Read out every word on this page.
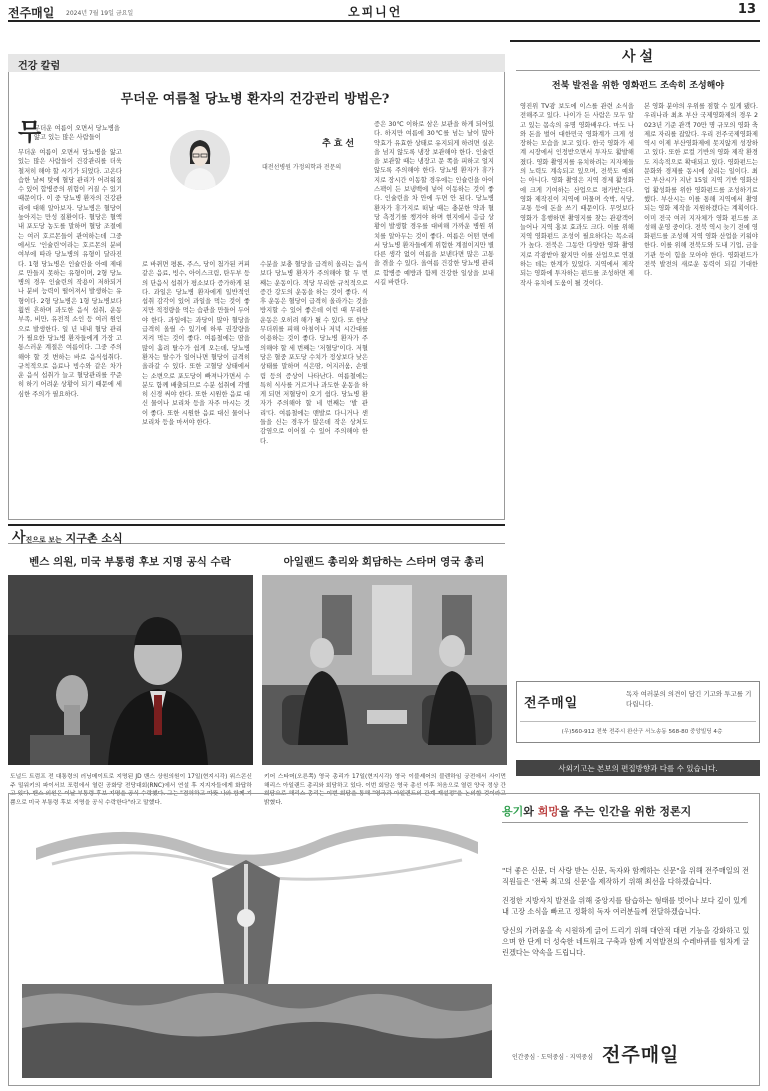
전주매일 2024년 7월 19일 금요일	오피니언	13
건강 칼럼
무더운 여름철 당뇨병 환자의 건강관리 방법은?
무	추효선
대전선병원 가정의학과 전문의
무더운 여름이 오면서 당뇨병을 앓고 있는 많은 사람들이
무더운 여름이 오면서 당뇨병을 앓고 있는 많은 사람들이 건강관리를 더욱 철저히 해야 할 시기가 되었다. 고온다습한 날씨 탓에 혈당 관리가 어려워질 수 있어 합병증의 위험이 커질 수 있기 때문이다. 이 중 당뇨병 환자의 건강관리에 대해 알아보자. 당뇨병은 혈당이 높아지는 만성 질환이다. 혈당은 혈액 내 포도당 농도를 말하며 혈당 조절에는 여러 호르몬들이 관여하는데 그중에서도 '인슐린'이라는 호르몬의 분비 여부에 따라 당뇨병의 유형이 달라진다. 1형 당뇨병은 인슐린을 아예 제대로 만들지 못하는 유형이며, 2형 당뇨병의 경우 인슐린의 작용이 저하되거나 분비 능력이 떨어져서 발생하는 유형이다. 2형 당뇨병은 1형 당뇨병보다 훨씬 흔하며 과도한 음식 섭취, 운동 부족, 비만, 유전적 소인 등 여러 원인으로 발생한다. 일 년 내내 혈당 관리가 필요한 당뇨병 환자들에게 가장 고통스러운 계절은 여름이다. 그중 주의해야 할 것 변하는 바로 음식섭취다. 규칙적으로 음료나 빙수와 같은 차가운 음식 섭취가 늘고 혈당관리를 꾸준히 하기 어려운 상황이 되기 때문에 세심한 주의가 필요하다.
로 바뀌면 평론, 주스, 당이 첨가된 커피 같은 음료, 빙수, 아이스크림, 탄두부 등의 단음식 섭취가 평소보다 증가하게 된다. 과일은 당뇨병 환자에게 일반적인 섭취 감각이 있어 과일을 먹는 것이 좋지만 적정량을 먹는 습관을 만들어 두어야 한다. 과일에는 과당이 많아 혈당을 급격히 올릴 수 있기에 하루 권장량을 지켜 먹는 것이 좋다. 여름철에는 땀을 많이 흘려 탈수가 쉽게 오는데, 당뇨병 환자는 탈수가 일어나면 혈당이 급격히 올라갈 수 있다. 또한 고혈당 상태에서는 소변으로 포도당이 빠져나가면서 수분도 함께 배출되므로 수분 섭취에 각별히 신경 써야 한다. 또한 시원한 음료 대신 물이나 보리차 등을 자주 마시는 것이 좋다. 또한 시원한 음료 대신 물이나 보리차 등을 마셔야 한다.
수분을 보충 혈당을 급격히 올리는 음식보다 당뇨병 환자가 주의해야 할 두 번째는 운동이다. 적당 무리한 규칙적으로 증간 강도의 운동을 하는 것이 좋다. 식후 운동은 혈당이 급격히 올라가는 것을 방지할 수 있어 좋은데 이런 때 무리한 운동은 오히려 해가 될 수 있다. 또 한낮 무더위를 피해 아침이나 저녁 시간대를 이용하는 것이 좋다. 당뇨병 환자가 주의해야 할 세 번째는 '저혈당'이다. 저혈당은 혈중 포도당 수치가 정상보다 낮은 상태를 말하며 식은땀, 어지러움, 손떨림 등의 증상이 나타난다. 여름철에는 특히 식사를 거르거나 과도한 운동을 하게 되면 저혈당이 오기 쉽다. 당뇨병 환자가 주의해야 할 네 번째는 '발 관리'다. 여름철에는 맨발로 다니거나 샌들을 신는 경우가 많은데 작은 상처도 감염으로 이어질 수 있어 주의해야 한다.
증은 30℃ 이하로 삼은 보관을 하게 되어있다. 하지만 여름에 30℃를 넘는 날이 많아 약효가 유효한 상태로 유지되게 하려면 실온을 넘지 않도록 냉장 보관해야 한다. 인슐린을 보관할 때는 냉장고 문 쪽을 피하고 얼지 않도록 주의해야 한다. 당뇨병 환자가 휴가지로 장시간 이동할 경우에는 인슐린을 아이스팩이 든 보냉백에 넣어 이동하는 것이 좋다. 인슐린을 차 안에 두면 안 된다. 당뇨병 환자가 휴가지로 떠날 때는 충분한 약과 혈당 측정기를 챙겨야 하며 현지에서 응급 상황이 발생할 경우를 대비해 가까운 병원 위치를 알아두는 것이 좋다. 여름은 어떤 면에서 당뇨병 환자들에게 위험한 계절이지만 별다른 생각 없이 여름을 보낸다면 많은 고통을 겪을 수 있다. 올여름 건강한 당뇨병 관리로 합병증 예방과 함께 건강한 일상을 보내시길 바란다.
사설
전북 발전을 위한 영화펀드 조속히 조성해야
영진위 TV광 보도에 이스를 관련 소식을 전해주고 있다. 나이가 든 사람은 모두 알고 있는 몸속의 유명 영화배우다. 마도 나와 돈을 벌어 대한민국 영화계가 크게 성장하는 모습을 보고 있다. 한국 영화가 세계 시장에서 인정받으면서 투자도 활발해졌다. 영화 촬영지를 유치하려는 지자체들의 노력도 계속되고 있으며, 전북도 예외는 아니다. 영화 촬영은 지역 경제 활성화에 크게 기여하는 산업으로 평가받는다. 영화 제작진이 지역에 머물며 숙박, 식당, 교통 등에 돈을 쓰기 때문이다. 무엇보다 영화가 흥행하면 촬영지를 찾는 관광객이 늘어나 지역 홍보 효과도 크다. 이를 위해 지역 영화펀드 조성이 필요하다는 목소리가 높다. 전북은 그동안 다양한 영화 촬영지로 각광받아 왔지만 이를 산업으로 연결하는 데는 한계가 있었다. 지역에서 제작되는 영화에 투자하는 펀드를 조성하면 제작사 유치에 도움이 될 것이다.
본 영화 분야의 우위를 점할 수 있게 됐다. 우리나라 최초 부산 국제영화제의 경우 2023년 기준 관객 70만 명 규모의 영화 축제로 자리를 잡았다. 우리 전주국제영화제 역시 이제 부산영화제에 못지않게 성장하고 있다. 또한 로컬 기반의 영화 제작 환경도 지속적으로 확대되고 있다. 영화펀드는 문화와 경제를 동시에 살리는 일이다. 최근 부산시가 지난 15일 지역 기반 영화산업 활성화를 위한 영화펀드를 조성하기로 했다. 부산시는 이를 통해 지역에서 촬영되는 영화 제작을 지원하겠다는 계획이다. 이미 전국 여러 지자체가 영화 펀드를 조성해 운영 중이다. 전북 역시 늦기 전에 영화펀드를 조성해 지역 영화 산업을 키워야 한다. 이를 위해 전북도와 도내 기업, 금융기관 등이 힘을 모아야 한다. 영화펀드가 전북 발전의 새로운 동력이 되길 기대한다.
사진으로 보는 지구촌 소식
벤스 의원, 미국 부통령 후보 지명 공식 수락	아일랜드 총리와 회담하는 스타머 영국 총리
도널드 트럼프 전 대통령의 러닝메이트로 지명된 JD 밴스 상원의원이 17일(현지시각) 위스콘신주 밀워키의 파이서브 포럼에서 열린 공화당 전당대회(RNC)에서 연설 후 지지자들에게 화답하고 있다. 밴스 의원은 이날 부통령 후보 지명을 공식 수락했다. 그는 "겸허하고 따뜻 나와 함께 기쁨으로 미국 부통령 후보 지명을 공식 수락한다"라고 말했다.
키어 스타머(오른쪽) 영국 총리가 17일(현지시각) 영국 이블셰어의 블렌하임 궁전에서 사이먼 해리스 아일랜드 총리와 회담하고 있다. 이번 회담은 영국 총선 이후 처음으로 열린 양국 정상 간 회담으로 해리스 총리는 이번 회담을 통해 "영국과 아일랜드의 관계 재설정"을 논의할 것이라고 밝혔다.
전주매일
독자 여러분의 의견이 담긴 기고와 투고를 기다립니다.
(우)560-912 전북 전주시 완산구 서노송동 568-80 중앙빌딩 4층
사외기고는 본보의 편집방향과 다를 수 있습니다.
용기와 희망을 주는 인간을 위한 정론지

"더 좋은 신문, 더 사랑 받는 신문, 독자와 함께하는 신문"을 위해 전주매일의 전 직원들은 '전북 최고의 신문'을 제작하기 위해 최선을 다하겠습니다.

진정한 지방자치 발전을 위해 중앙지를 탐습하는 형태를 벗어나 보다 깊이 있게 내 고장 소식을 빠르고 정확히 독자 여러분들께 전달하겠습니다.

당신의 가려움을 속 시원하게 긁어 드리기 위해 대안적 대편 기능을 강화하고 있으며 한 단계 더 성숙한 네트워크 구축과 함께 지역발전의 수레바퀴를 힘차게 굴린겠다는 약속을 드립니다.

인간중심 · 도덕중심 · 지역중심 전주매일
